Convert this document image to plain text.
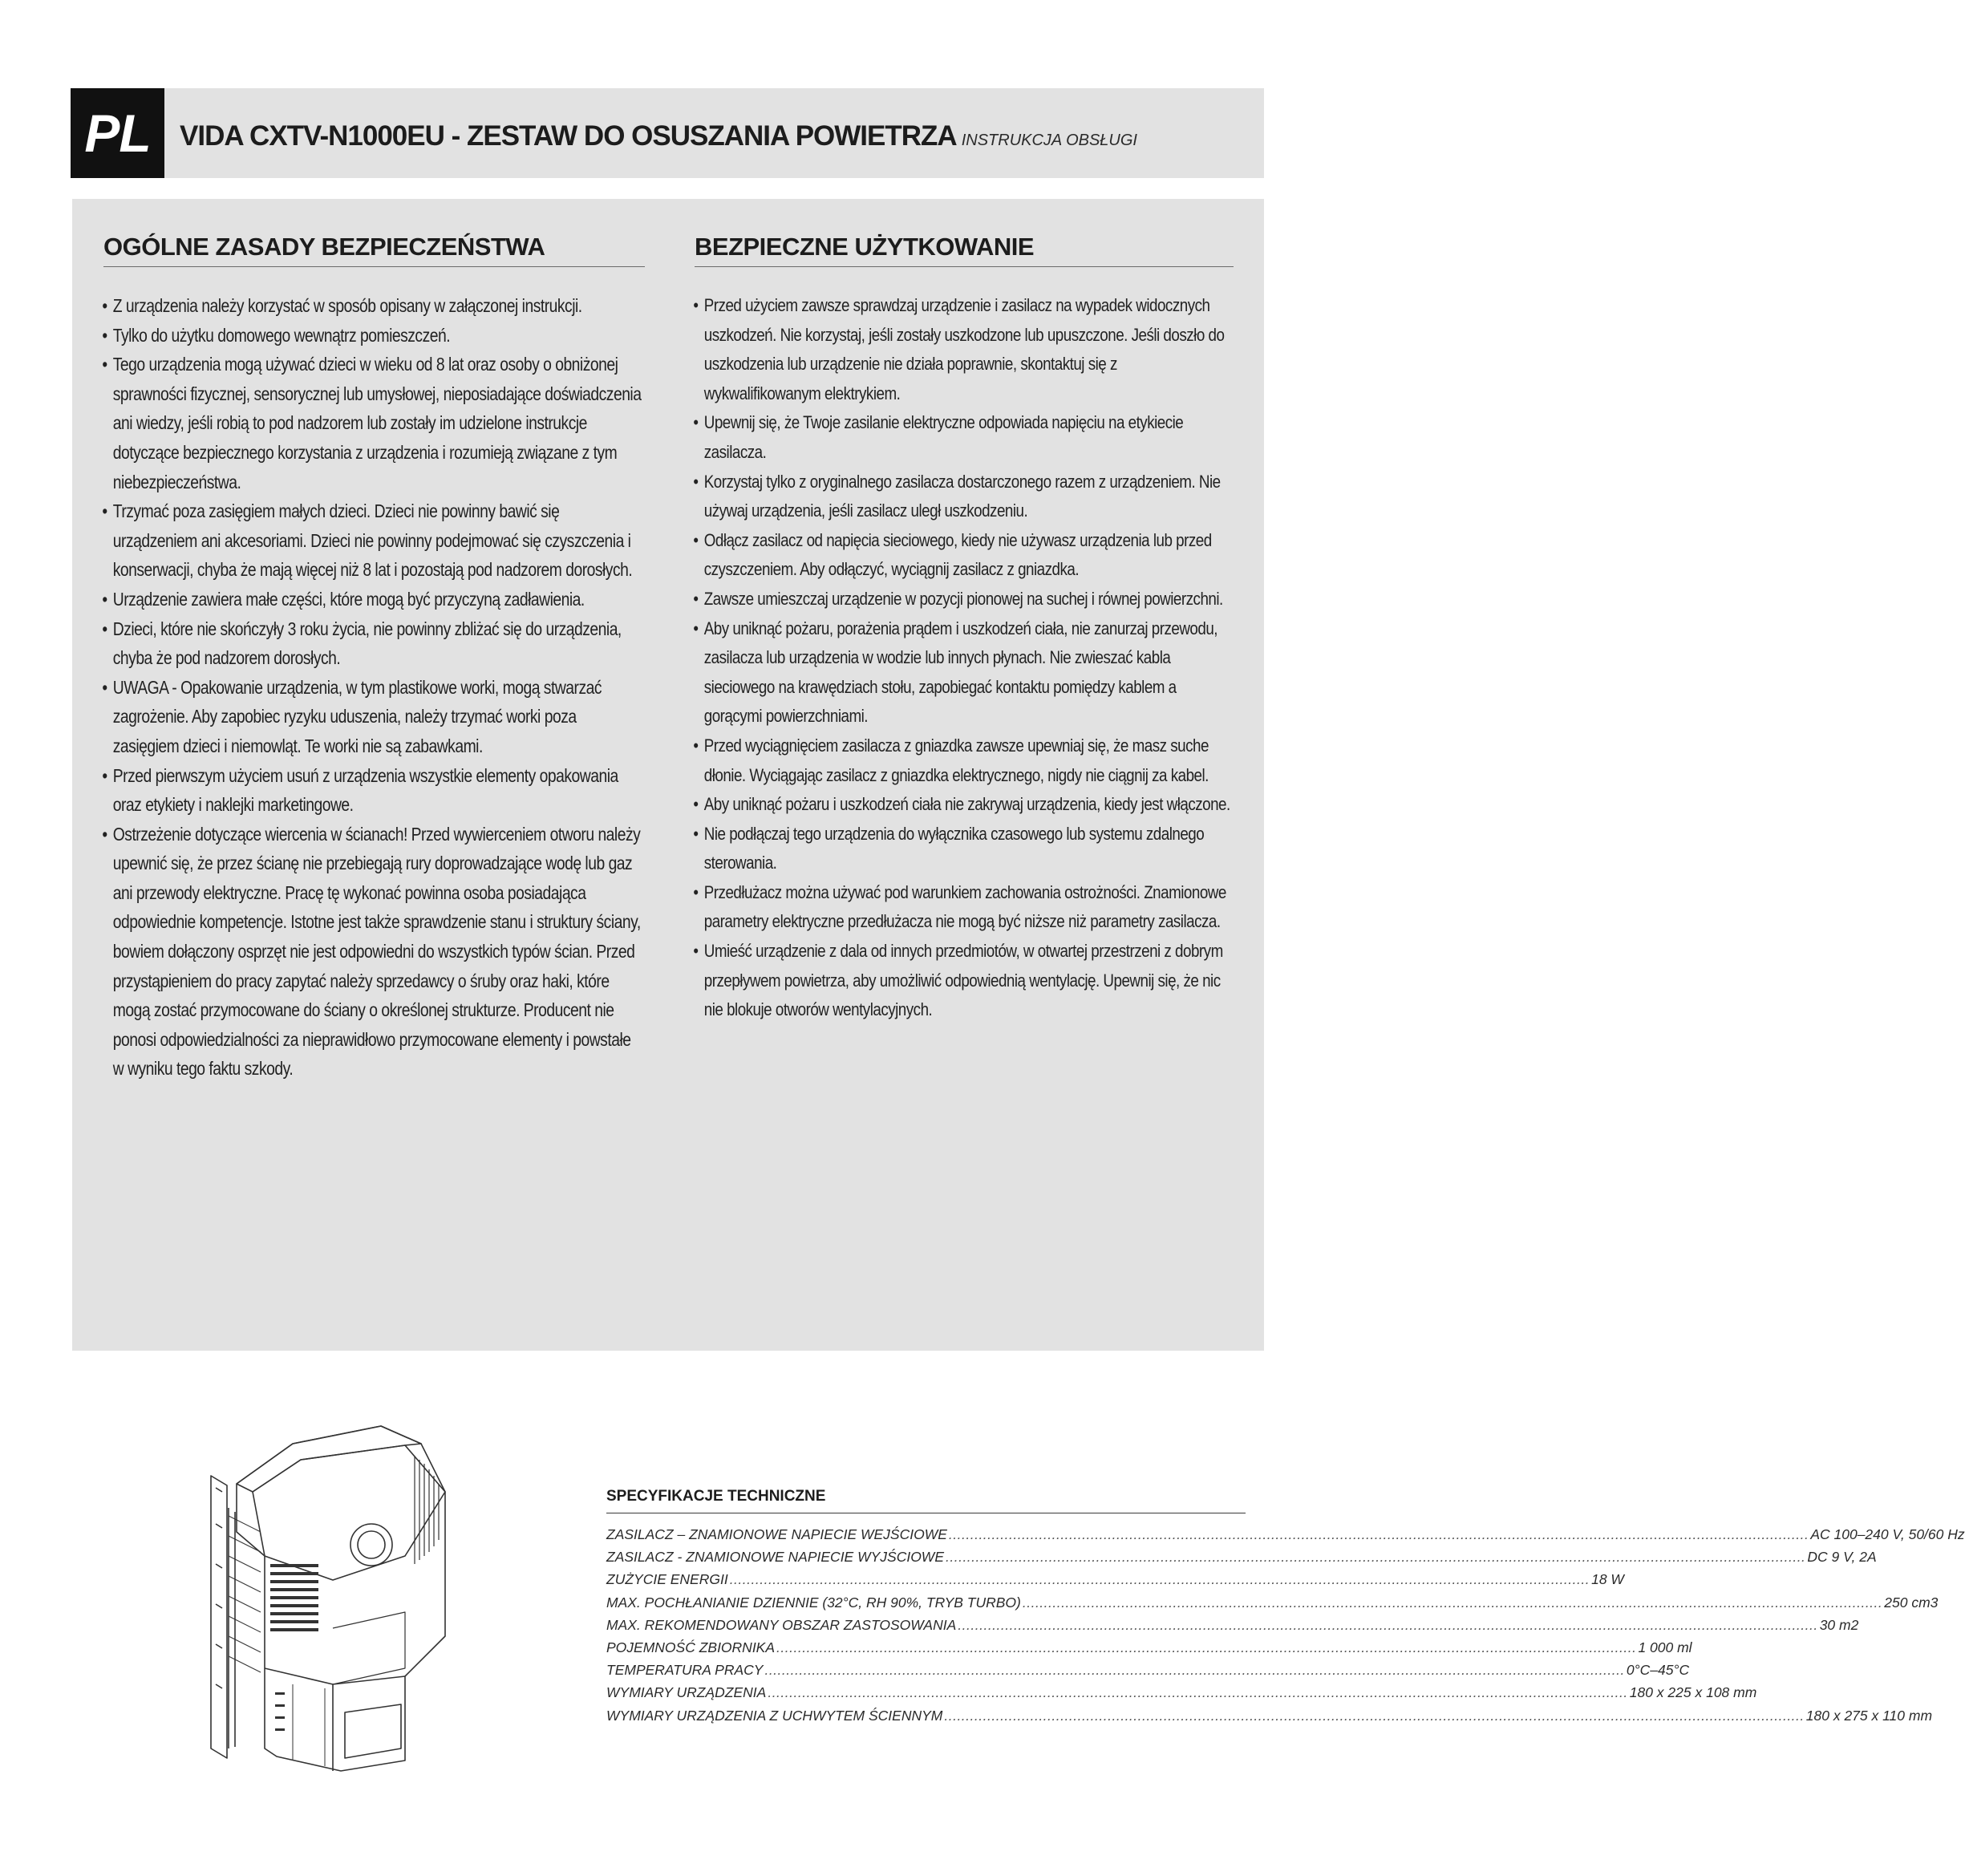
PL	VIDA CXTV-N1000EU - ZESTAW DO OSUSZANIA POWIETRZA INSTRUKCJA OBSŁUGI
OGÓLNE ZASADY BEZPIECZEŃSTWA
• Z urządzenia należy korzystać w sposób opisany w załączonej instrukcji.
• Tylko do użytku domowego wewnątrz pomieszczeń.
• Tego urządzenia mogą używać dzieci w wieku od 8 lat oraz osoby o obniżonej sprawności fizycznej, sensorycznej lub umysłowej, nieposiadające doświadczenia ani wiedzy, jeśli robią to pod nadzorem lub zostały im udzielone instrukcje dotyczące bezpiecznego korzystania z urządzenia i rozumieją związane z tym niebezpieczeństwa.
• Trzymać poza zasięgiem małych dzieci. Dzieci nie powinny bawić się urządzeniem ani akcesoriami. Dzieci nie powinny podejmować się czyszczenia i konserwacji, chyba że mają więcej niż 8 lat i pozostają pod nadzorem dorosłych.
• Urządzenie zawiera małe części, które mogą być przyczyną zadławienia.
• Dzieci, które nie skończyły 3 roku życia, nie powinny zbliżać się do urządzenia, chyba że pod nadzorem dorosłych.
• UWAGA - Opakowanie urządzenia, w tym plastikowe worki, mogą stwarzać zagrożenie. Aby zapobiec ryzyku uduszenia, należy trzymać worki poza zasięgiem dzieci i niemowląt. Te worki nie są zabawkami.
• Przed pierwszym użyciem usuń z urządzenia wszystkie elementy opakowania oraz etykiety i naklejki marketingowe.
• Ostrzeżenie dotyczące wiercenia w ścianach! Przed wywierceniem otworu należy upewnić się, że przez ścianę nie przebiegają rury doprowadzające wodę lub gaz ani przewody elektryczne. Pracę tę wykonać powinna osoba posiadająca odpowiednie kompetencje. Istotne jest także sprawdzenie stanu i struktury ściany, bowiem dołączony osprzęt nie jest odpowiedni do wszystkich typów ścian. Przed przystąpieniem do pracy zapytać należy sprzedawcy o śruby oraz haki, które mogą zostać przymocowane do ściany o określonej strukturze. Producent nie ponosi odpowiedzialności za nieprawidłowo przymocowane elementy i powstałe w wyniku tego faktu szkody.
BEZPIECZNE UŻYTKOWANIE
• Przed użyciem zawsze sprawdzaj urządzenie i zasilacz na wypadek widocznych uszkodzeń. Nie korzystaj, jeśli zostały uszkodzone lub upuszczone. Jeśli doszło do uszkodzenia lub urządzenie nie działa poprawnie, skontaktuj się z wykwalifikowanym elektrykiem.
• Upewnij się, że Twoje zasilanie elektryczne odpowiada napięciu na etykiecie zasilacza.
• Korzystaj tylko z oryginalnego zasilacza dostarczonego razem z urządzeniem. Nie używaj urządzenia, jeśli zasilacz uległ uszkodzeniu.
• Odłącz zasilacz od napięcia sieciowego, kiedy nie używasz urządzenia lub przed czyszczeniem. Aby odłączyć, wyciągnij zasilacz z gniazdka.
• Zawsze umieszczaj urządzenie w pozycji pionowej na suchej i równej powierzchni.
• Aby uniknąć pożaru, porażenia prądem i uszkodzeń ciała, nie zanurzaj przewodu, zasilacza lub urządzenia w wodzie lub innych płynach. Nie zwieszać kabla sieciowego na krawędziach stołu, zapobiegać kontaktu pomiędzy kablem a gorącymi powierzchniami.
• Przed wyciągnięciem zasilacza z gniazdka zawsze upewniaj się, że masz suche dłonie. Wyciągając zasilacz z gniazdka elektrycznego, nigdy nie ciągnij za kabel.
• Aby uniknąć pożaru i uszkodzeń ciała nie zakrywaj urządzenia, kiedy jest włączone.
• Nie podłączaj tego urządzenia do wyłącznika czasowego lub systemu zdalnego sterowania.
• Przedłużacz można używać pod warunkiem zachowania ostrożności. Znamionowe parametry elektryczne przedłużacza nie mogą być niższe niż parametry zasilacza.
• Umieść urządzenie z dala od innych przedmiotów, w otwartej przestrzeni z dobrym przepływem powietrza, aby umożliwić odpowiednią wentylację. Upewnij się, że nic nie blokuje otworów wentylacyjnych.
SPECYFIKACJE TECHNICZNE
ZASILACZ – ZNAMIONOWE NAPIECIE WEJŚCIOWE ........................................................................................................................................................................................................ AC 100–240 V, 50/60 Hz
ZASILACZ - ZNAMIONOWE NAPIECIE WYJŚCIOWE ........................................................................................................................................................................................................ DC 9 V, 2A
ZUŻYCIE ENERGII ........................................................................................................................................................................................................ 18 W
MAX. POCHŁANIANIE DZIENNIE (32°C, RH 90%, TRYB TURBO) ........................................................................................................................................................................................................ 250 cm3
MAX. REKOMENDOWANY OBSZAR ZASTOSOWANIA ........................................................................................................................................................................................................ 30 m2
POJEMNOŚĆ ZBIORNIKA ........................................................................................................................................................................................................ 1 000 ml
TEMPERATURA PRACY ........................................................................................................................................................................................................ 0°C–45°C
WYMIARY URZĄDZENIA ........................................................................................................................................................................................................ 180 x 225 x 108 mm
WYMIARY URZĄDZENIA Z UCHWYTEM ŚCIENNYM ........................................................................................................................................................................................................ 180 x 275 x 110 mm
